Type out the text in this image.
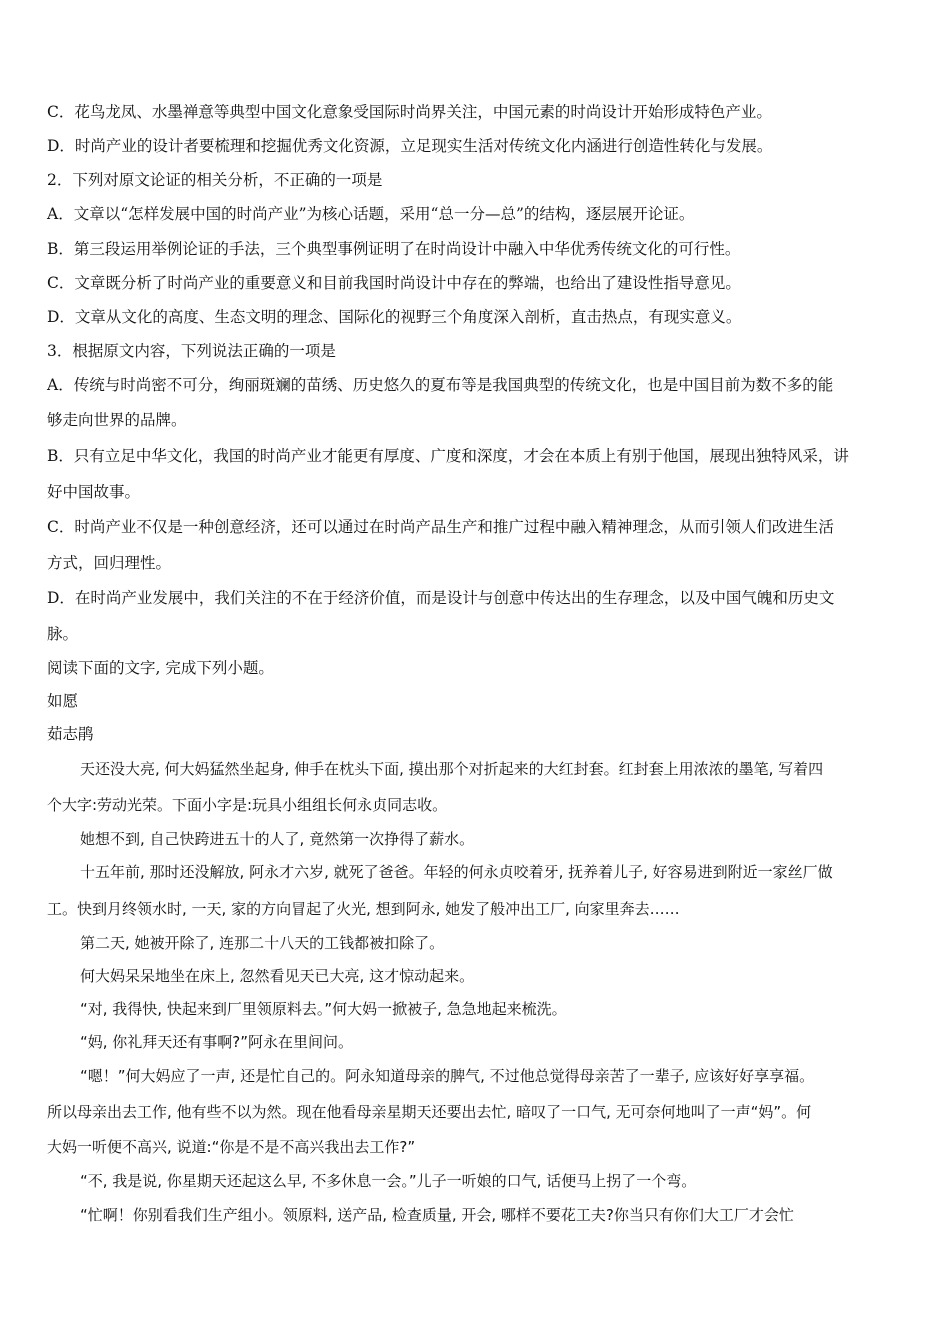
C．花鸟龙凤、水墨禅意等典型中国文化意象受国际时尚界关注，中国元素的时尚设计开始形成特色产业。
D．时尚产业的设计者要梳理和挖掘优秀文化资源，立足现实生活对传统文化内涵进行创造性转化与发展。
2．下列对原文论证的相关分析，不正确的一项是
A．文章以“怎样发展中国的时尚产业”为核心话题，采用“总一分—总”的结构，逐层展开论证。
B．第三段运用举例论证的手法，三个典型事例证明了在时尚设计中融入中华优秀传统文化的可行性。
C．文章既分析了时尚产业的重要意义和目前我国时尚设计中存在的弊端，也给出了建设性指导意见。
D．文章从文化的高度、生态文明的理念、国际化的视野三个角度深入剖析，直击热点，有现实意义。
3．根据原文内容，下列说法正确的一项是
A．传统与时尚密不可分，绚丽斑斓的苗绣、历史悠久的夏布等是我国典型的传统文化，也是中国目前为数不多的能
够走向世界的品牌。
B．只有立足中华文化，我国的时尚产业才能更有厚度、广度和深度，才会在本质上有别于他国，展现出独特风采，讲
好中国故事。
C．时尚产业不仅是一种创意经济，还可以通过在时尚产品生产和推广过程中融入精神理念，从而引领人们改进生活
方式，回归理性。
D．在时尚产业发展中，我们关注的不在于经济价值，而是设计与创意中传达出的生存理念，以及中国气魄和历史文
脉。
阅读下面的文字, 完成下列小题。
如愿
茹志鹃
天还没大亮, 何大妈猛然坐起身, 伸手在枕头下面, 摸出那个对折起来的大红封套。红封套上用浓浓的墨笔, 写着四
个大字:劳动光荣。下面小字是:玩具小组组长何永贞同志收。
她想不到, 自己快跨进五十的人了, 竟然第一次挣得了薪水。
十五年前, 那时还没解放, 阿永才六岁, 就死了爸爸。年轻的何永贞咬着牙, 抚养着儿子, 好容易进到附近一家丝厂做
工。快到月终领水时, 一天, 家的方向冒起了火光, 想到阿永, 她发了般冲出工厂, 向家里奔去……
第二天, 她被开除了, 连那二十八天的工钱都被扣除了。
何大妈呆呆地坐在床上, 忽然看见天已大亮, 这才惊动起来。
“对, 我得快, 快起来到厂里领原料去。”何大妈一掀被子, 急急地起来梳洗。
“妈, 你礼拜天还有事啊?”阿永在里间问。
“嗯！”何大妈应了一声, 还是忙自己的。阿永知道母亲的脾气, 不过他总觉得母亲苦了一辈子, 应该好好享享福。
所以母亲出去工作, 他有些不以为然。现在他看母亲星期天还要出去忙, 暗叹了一口气, 无可奈何地叫了一声“妈”。何
大妈一听便不高兴, 说道:“你是不是不高兴我出去工作?”
“不, 我是说, 你星期天还起这么早, 不多休息一会。”儿子一听娘的口气, 话便马上拐了一个弯。
“忙啊！你别看我们生产组小。领原料, 送产品, 检查质量, 开会, 哪样不要花工夫?你当只有你们大工厂才会忙
